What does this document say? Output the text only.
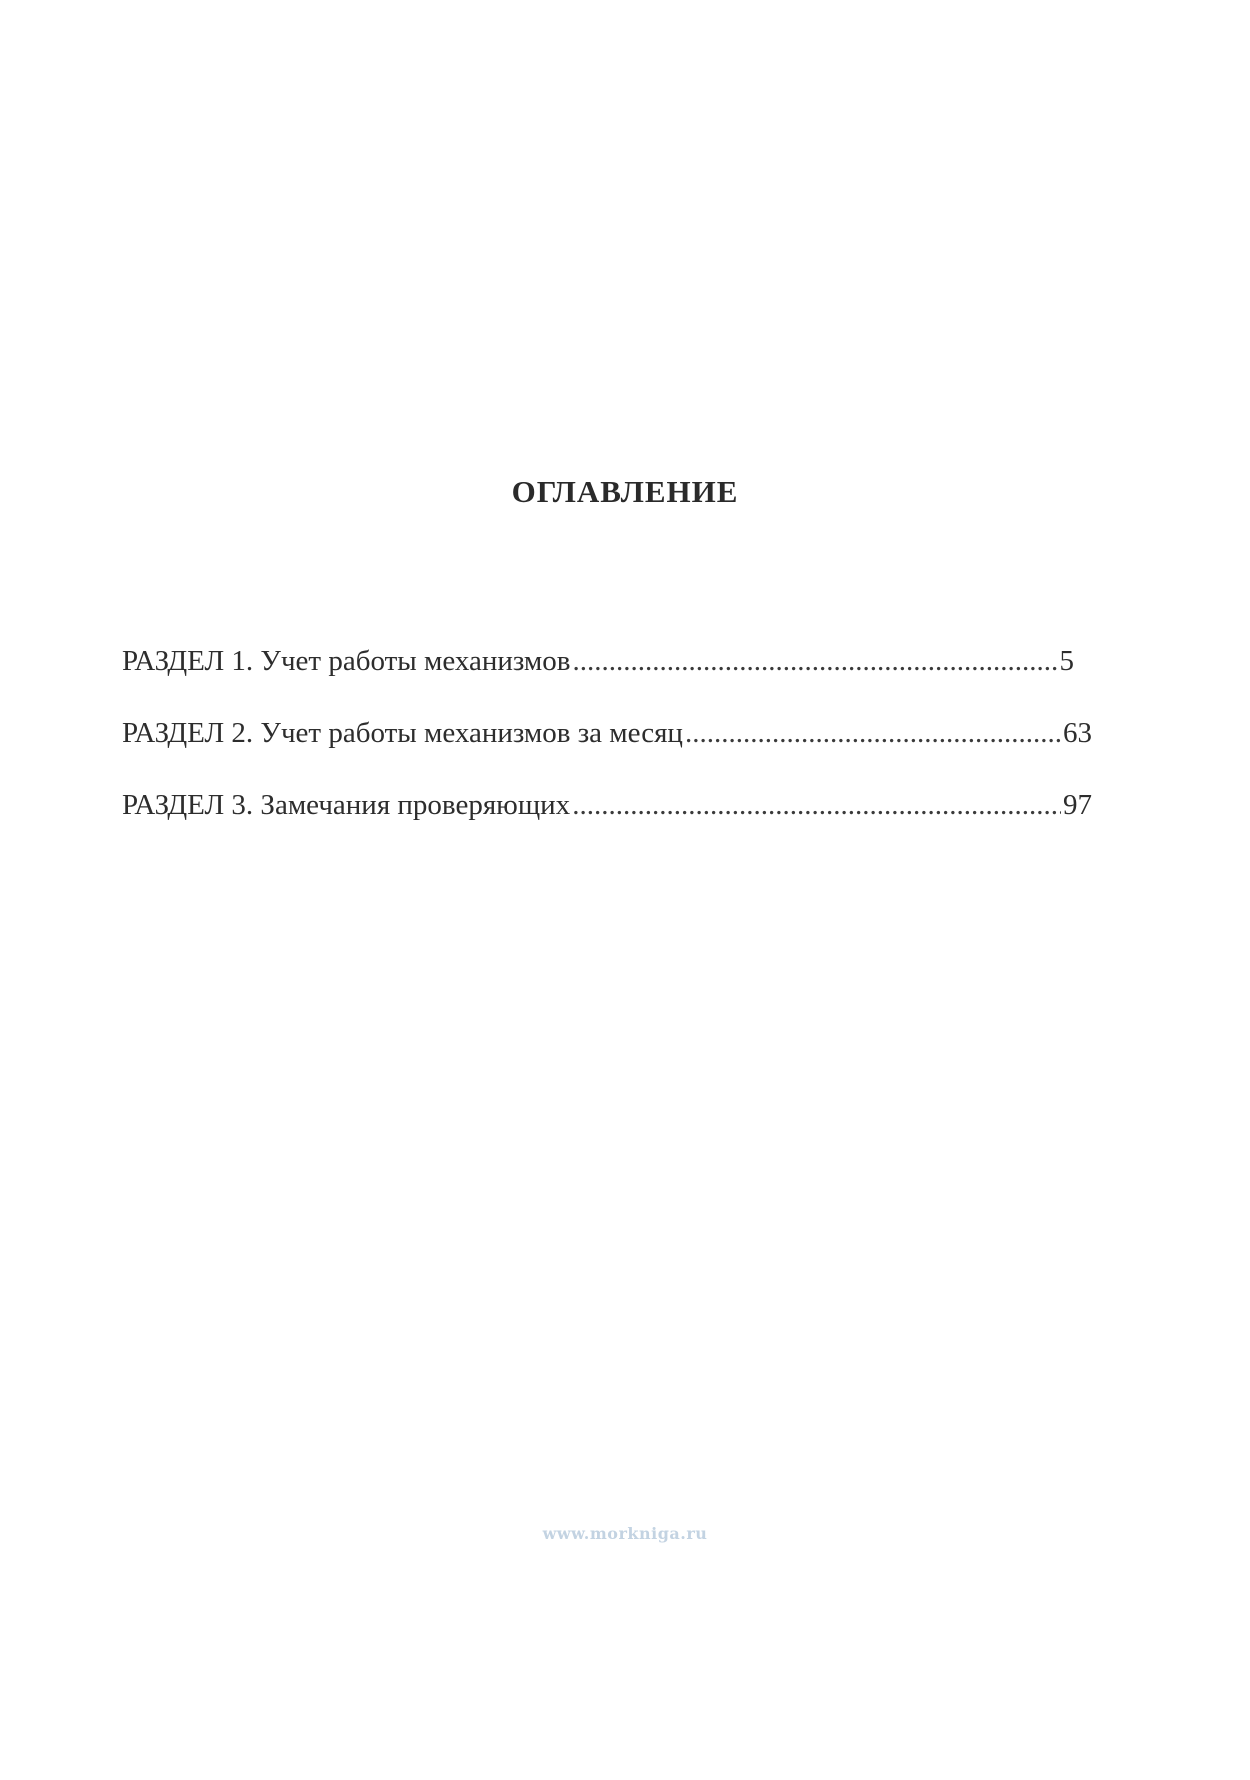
ОГЛАВЛЕНИЕ
РАЗДЕЛ 1. Учет работы механизмов .....	5
РАЗДЕЛ 2. Учет работы механизмов за месяц .....	63
РАЗДЕЛ 3. Замечания проверяющих .....	97
www.morkniga.ru
